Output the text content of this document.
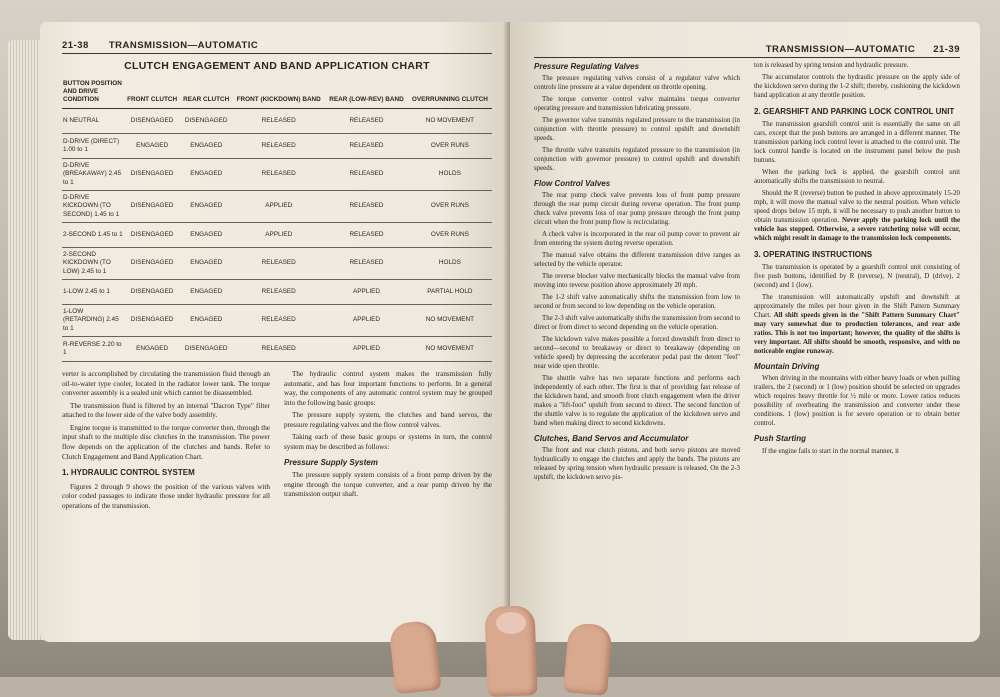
21-38 TRANSMISSION—AUTOMATIC
CLUTCH ENGAGEMENT AND BAND APPLICATION CHART
BUTTON POSITION AND DRIVE CONDITION	FRONT CLUTCH	REAR CLUTCH	FRONT (KICKDOWN) BAND	REAR (LOW-REV) BAND	OVERRUNNING CLUTCH
N NEUTRAL	DISENGAGED	DISENGAGED	RELEASED	RELEASED	NO MOVEMENT
D-DRIVE (DIRECT) 1.00 to 1	ENGAGED	ENGAGED	RELEASED	RELEASED	OVER RUNS
D-DRIVE (BREAKAWAY) 2.45 to 1	DISENGAGED	ENGAGED	RELEASED	RELEASED	HOLDS
D-DRIVE KICKDOWN (TO SECOND) 1.45 to 1	DISENGAGED	ENGAGED	APPLIED	RELEASED	OVER RUNS
2-SECOND 1.45 to 1	DISENGAGED	ENGAGED	APPLIED	RELEASED	OVER RUNS
2-SECOND KICKDOWN (TO LOW) 2.45 to 1	DISENGAGED	ENGAGED	RELEASED	RELEASED	HOLDS
1-LOW 2.45 to 1	DISENGAGED	ENGAGED	RELEASED	APPLIED	PARTIAL HOLD
1-LOW (RETARDING) 2.45 to 1	DISENGAGED	ENGAGED	RELEASED	APPLIED	NO MOVEMENT
R-REVERSE 2.20 to 1	ENGAGED	DISENGAGED	RELEASED	APPLIED	NO MOVEMENT

verter is accomplished by circulating the transmission fluid through an oil-to-water type cooler, located in the radiator lower tank. The torque converter assembly is a sealed unit which cannot be disassembled.

The transmission fluid is filtered by an internal "Dacron Type" filter attached to the lower side of the valve body assembly.

Engine torque is transmitted to the torque converter then, through the input shaft to the multiple disc clutches in the transmission. The power flow depends on the application of the clutches and bands. Refer to Clutch Engagement and Band Application Chart.

1. HYDRAULIC CONTROL SYSTEM

Figures 2 through 9 shows the position of the various valves with color coded passages to indicate those under hydraulic pressure for all operations of the transmission.

The hydraulic control system makes the transmission fully automatic, and has four important functions to perform. In a general way, the components of any automatic control system may be grouped into the following basic groups:

The pressure supply system, the clutches and band servos, the pressure regulating valves and the flow control valves.

Taking each of these basic groups or systems in turn, the control system may be described as follows:

Pressure Supply System

The pressure supply system consists of a front pump driven by the engine through the torque converter, and a rear pump driven by the transmission output shaft.

TRANSMISSION—AUTOMATIC 21-39
Pressure Regulating Valves

The pressure regulating valves consist of a regulator valve which controls line pressure at a value dependent on throttle opening.

The torque converter control valve maintains torque converter operating pressure and transmission lubricating pressure.

The governor valve transmits regulated pressure to the transmission (in conjunction with throttle pressure) to control upshift and downshift speeds.

The throttle valve transmits regulated pressure to the transmission (in conjunction with governor pressure) to control upshift and downshift speeds.

Flow Control Valves

The rear pump check valve prevents loss of front pump pressure through the rear pump circuit during reverse operation. The front pump check valve prevents loss of rear pump pressure through the front pump circuit when the front pump flow is recirculating.

A check valve is incorporated in the rear oil pump cover to prevent air from entering the system during reverse operation.

The manual valve obtains the different transmission drive ranges as selected by the vehicle operator.

The reverse blocker valve mechanically blocks the manual valve from moving into reverse position above approximately 20 mph.

The 1-2 shift valve automatically shifts the transmission from low to second or from second to low depending on the vehicle operation.

The 2-3 shift valve automatically shifts the transmission from second to direct or from direct to second depending on the vehicle operation.

The kickdown valve makes possible a forced downshift from direct to second—second to breakaway or direct to breakaway (depending on vehicle speed) by depressing the accelerator pedal past the detent "feel" near wide open throttle.

The shuttle valve has two separate functions and performs each independently of each other. The first is that of providing fast release of the kickdown band, and smooth front clutch engagement when the driver makes a "lift-foot" upshift from second to direct. The second function of the shuttle valve is to regulate the application of the kickdown servo and band when making direct to second kickdowns.

Clutches, Band Servos and Accumulator

The front and rear clutch pistons, and both servo pistons are moved hydraulically to engage the clutches and apply the bands. The pistons are released by spring tension when hydraulic pressure is released. On the 2-3 upshift, the kickdown servo pis-

ton is released by spring tension and hydraulic pressure.

The accumulator controls the hydraulic pressure on the apply side of the kickdown servo during the 1-2 shift; thereby, cushioning the kickdown band application at any throttle position.

2. GEARSHIFT AND PARKING LOCK CONTROL UNIT

The transmission gearshift control unit is essentially the same on all cars, except that the push buttons are arranged in a different manner. The transmission parking lock control lever is attached to the control unit. The lock control handle is located on the instrument panel below the push buttons.

When the parking lock is applied, the gearshift control unit automatically shifts the transmission to neutral.

Should the R (reverse) button be pushed in above approximately 15-20 mph, it will move the manual valve to the neutral position. When vehicle speed drops below 15 mph, it will be necessary to push another button to obtain transmission operation. Never apply the parking lock until the vehicle has stopped. Otherwise, a severe ratcheting noise will occur, which might result in damage to the transmission lock components.

3. OPERATING INSTRUCTIONS

The transmission is operated by a gearshift control unit consisting of five push buttons, identified by R (reverse), N (neutral), D (drive), 2 (second) and 1 (low).

The transmission will automatically upshift and downshift at approximately the miles per hour given in the Shift Pattern Summary Chart. All shift speeds given in the "Shift Pattern Summary Chart" may vary somewhat due to production tolerances, and rear axle ratios. This is not too important; however, the quality of the shifts is very important. All shifts should be smooth, responsive, and with no noticeable engine runaway.

Mountain Driving

When driving in the mountains with either heavy loads or when pulling trailers, the 2 (second) or 1 (low) position should be selected on upgrades which requires heavy throttle for ½ mile or more. Lower ratios reduces possibility of overheating the transmission and converter under these conditions. 1 (low) position is for severe operation or to obtain better control.

Push Starting

If the engine fails to start in the normal manner, it
